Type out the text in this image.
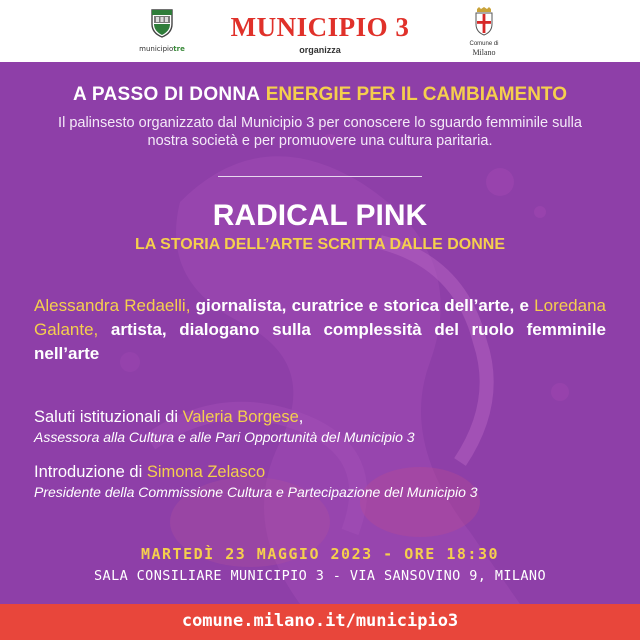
municipiotre
MUNICIPIO 3
organizza
Comune di
Milano
A PASSO DI DONNA ENERGIE PER IL CAMBIAMENTO
Il palinsesto organizzato dal Municipio 3 per conoscere lo sguardo femminile sulla nostra società e per promuovere una cultura paritaria.
RADICAL PINK
LA STORIA DELL’ARTE SCRITTA DALLE DONNE
Alessandra Redaelli, giornalista, curatrice e storica dell’arte, e Loredana Galante, artista, dialogano sulla complessità del ruolo femminile nell’arte
Saluti istituzionali di Valeria Borgese,
Assessora alla Cultura e alle Pari Opportunità del Municipio 3
Introduzione di Simona Zelasco
Presidente della Commissione Cultura e Partecipazione del Municipio 3
MARTEDÌ 23 MAGGIO 2023 - ORE 18:30
SALA CONSILIARE MUNICIPIO 3 - VIA SANSOVINO 9, MILANO
comune.milano.it/municipio3
